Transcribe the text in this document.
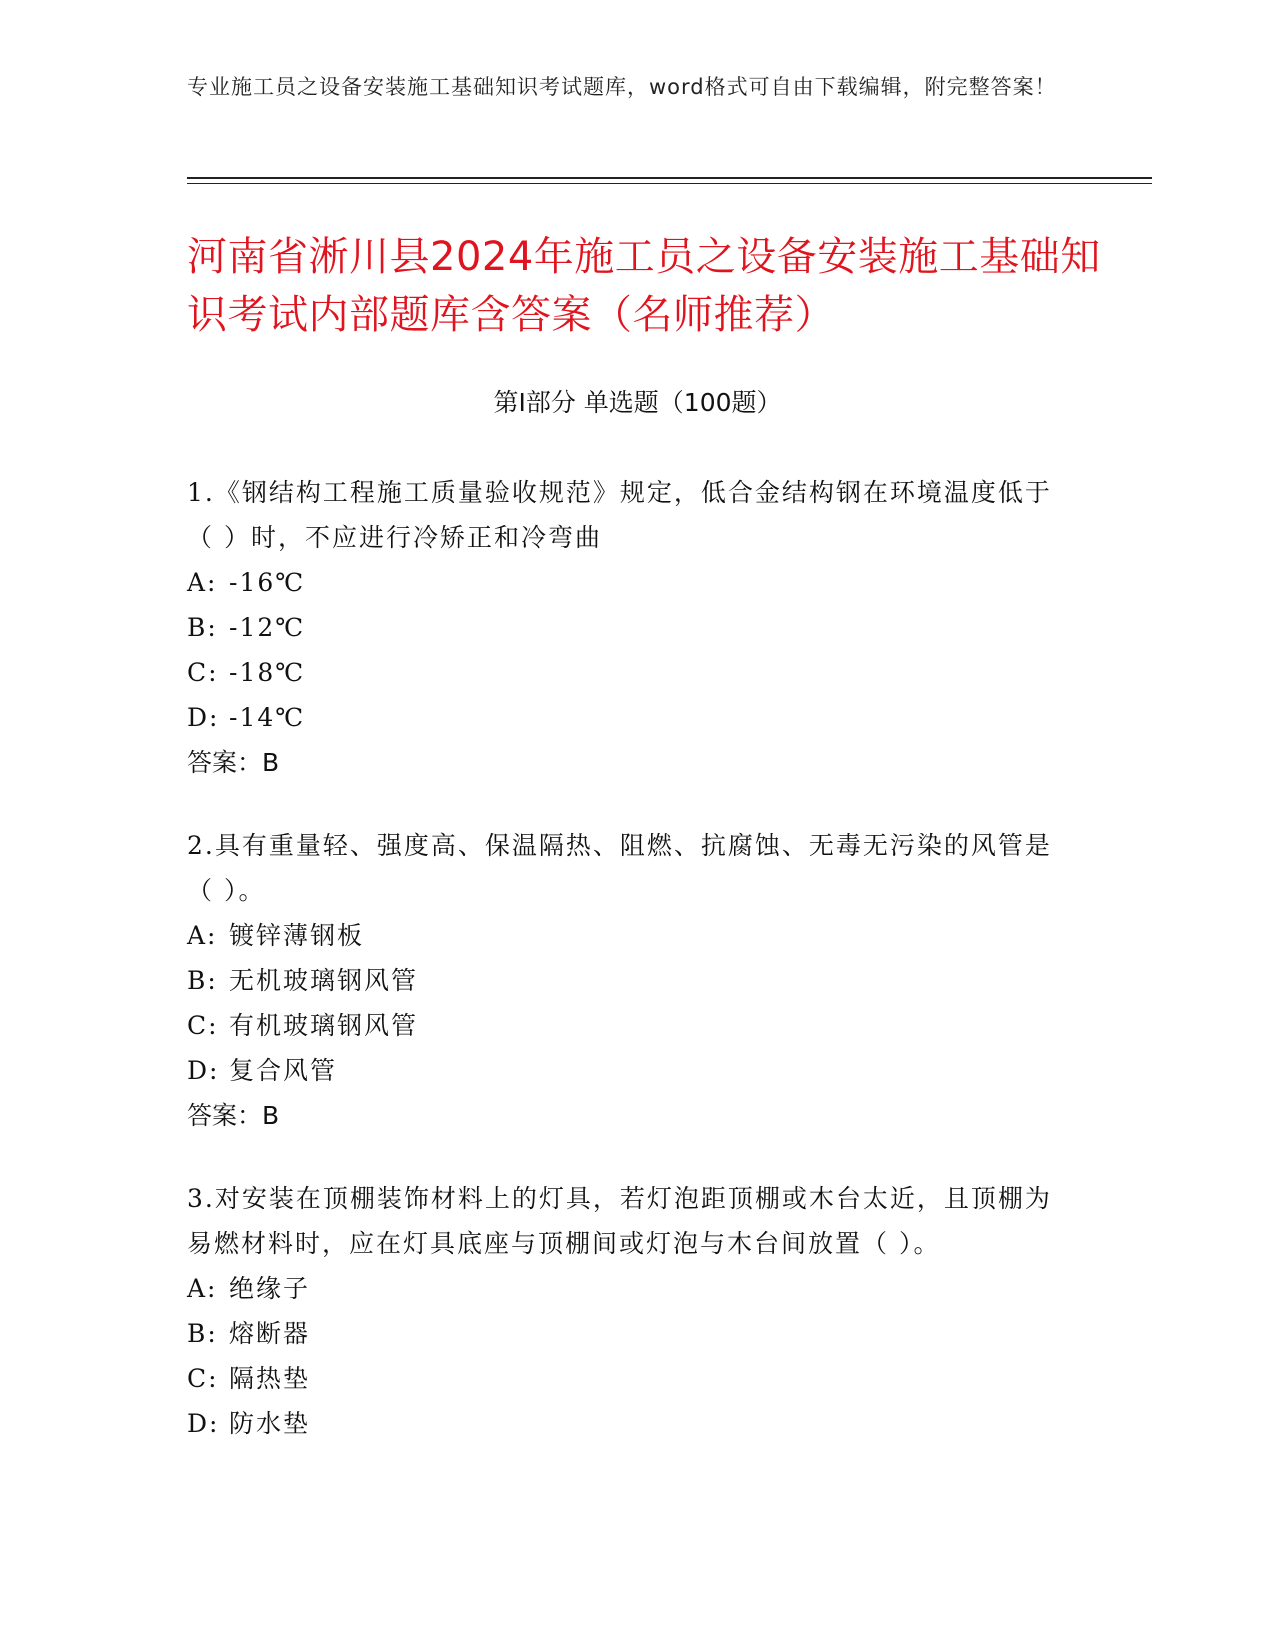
专业施工员之设备安装施工基础知识考试题库，word格式可自由下载编辑，附完整答案！
河南省淅川县2024年施工员之设备安装施工基础知识考试内部题库含答案（名师推荐）
第Ⅰ部分 单选题（100题）

1.《钢结构工程施工质量验收规范》规定，低合金结构钢在环境温度低于（ ）时，不应进行冷矫正和冷弯曲

A: -16℃

B: -12℃

C: -18℃

D: -14℃

答案：B

2.具有重量轻、强度高、保温隔热、阻燃、抗腐蚀、无毒无污染的风管是（ ）。

A: 镀锌薄钢板

B: 无机玻璃钢风管

C: 有机玻璃钢风管

D: 复合风管

答案：B

3.对安装在顶棚装饰材料上的灯具，若灯泡距顶棚或木台太近，且顶棚为易燃材料时，应在灯具底座与顶棚间或灯泡与木台间放置（ ）。

A: 绝缘子

B: 熔断器

C: 隔热垫

D: 防水垫
